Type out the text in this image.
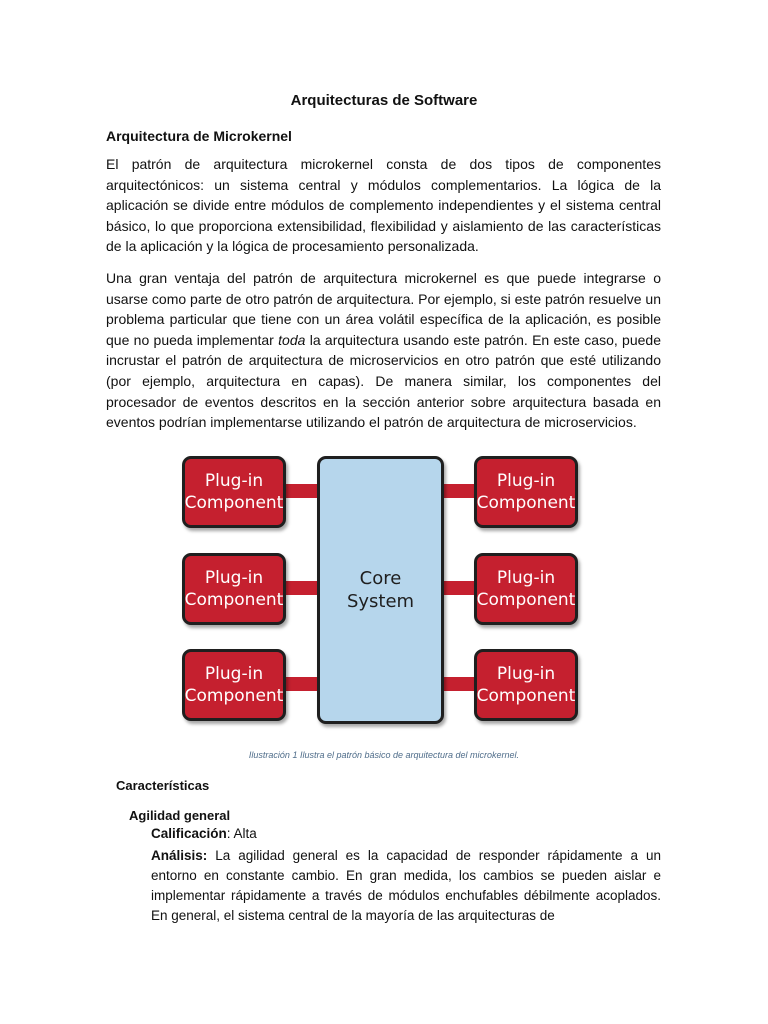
Arquitecturas de Software
Arquitectura de Microkernel

El patrón de arquitectura microkernel consta de dos tipos de componentes arquitectónicos: un sistema central y módulos complementarios. La lógica de la aplicación se divide entre módulos de complemento independientes y el sistema central básico, lo que proporciona extensibilidad, flexibilidad y aislamiento de las características de la aplicación y la lógica de procesamiento personalizada.

Una gran ventaja del patrón de arquitectura microkernel es que puede integrarse o usarse como parte de otro patrón de arquitectura. Por ejemplo, si este patrón resuelve un problema particular que tiene con un área volátil específica de la aplicación, es posible que no pueda implementar toda la arquitectura usando este patrón. En este caso, puede incrustar el patrón de arquitectura de microservicios en otro patrón que esté utilizando (por ejemplo, arquitectura en capas). De manera similar, los componentes del procesador de eventos descritos en la sección anterior sobre arquitectura basada en eventos podrían implementarse utilizando el patrón de arquitectura de microservicios.

Plug-in
Component
Plug-in
Component
Plug-in
Component
Core
System
Plug-in
Component
Plug-in
Component
Plug-in
Component
Ilustración 1 Ilustra el patrón básico de arquitectura del microkernel.
Características
Agilidad general
Calificación: Alta

Análisis: La agilidad general es la capacidad de responder rápidamente a un entorno en constante cambio. En gran medida, los cambios se pueden aislar e implementar rápidamente a través de módulos enchufables débilmente acoplados. En general, el sistema central de la mayoría de las arquitecturas de
